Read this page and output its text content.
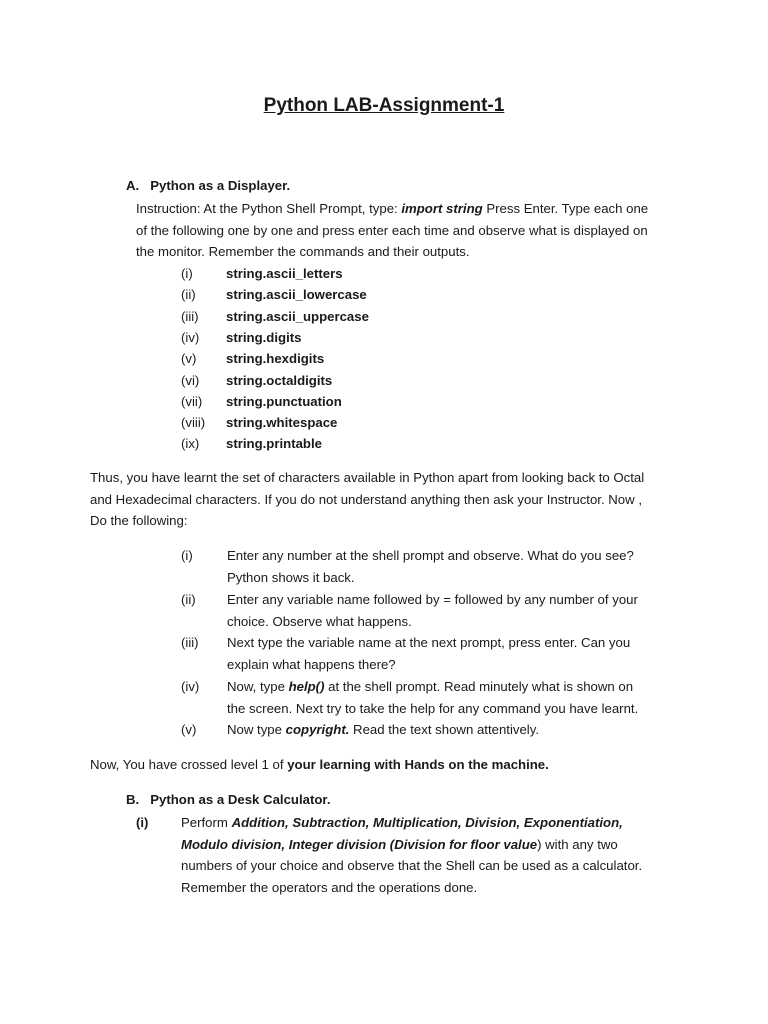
Python LAB-Assignment-1
A. Python as a Displayer.
Instruction: At the Python Shell Prompt, type: import string Press Enter. Type each one
of the following one by one and press enter each time and observe what is displayed on
the monitor. Remember the commands and their outputs.
(i)	string.ascii_letters
(ii) string.ascii_lowercase
(iii) string.ascii_uppercase
(iv) string.digits
(v) string.hexdigits
(vi) string.octaldigits
(vii) string.punctuation
(viii) string.whitespace
(ix) string.printable
Thus, you have learnt the set of characters available in Python apart from looking back to Octal
and Hexadecimal characters. If you do not understand anything then ask your Instructor. Now ,
Do the following:
(i)	Enter any number at the shell prompt and observe. What do you see?
Python shows it back.
(ii) Enter any variable name followed by = followed by any number of your
choice. Observe what happens.
(iii) Next type the variable name at the next prompt, press enter. Can you
explain what happens there?
(iv) Now, type help() at the shell prompt. Read minutely what is shown on
the screen. Next try to take the help for any command you have learnt.
(v) Now type copyright. Read the text shown attentively.
Now, You have crossed level 1 of your learning with Hands on the machine.
B. Python as a Desk Calculator.
(i) Perform Addition, Subtraction, Multiplication, Division, Exponentiation,
Modulo division, Integer division (Division for floor value) with any two
numbers of your choice and observe that the Shell can be used as a calculator.
Remember the operators and the operations done.
